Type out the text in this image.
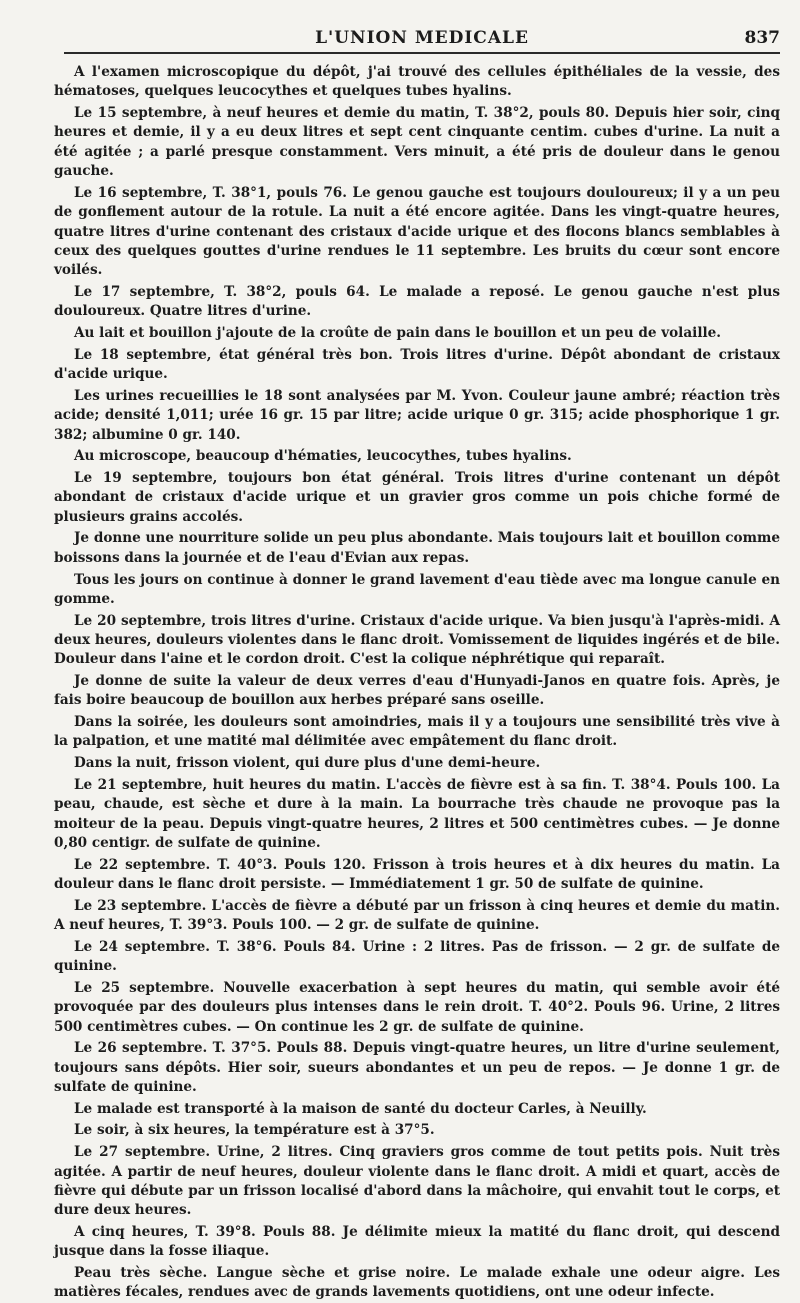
L'UNION MEDICALE	837

A l'examen microscopique du dépôt, j'ai trouvé des cellules épithéliales de la vessie, des hématoses, quelques leucocythes et quelques tubes hyalins.

Le 15 septembre, à neuf heures et demie du matin, T. 38°2, pouls 80. Depuis hier soir, cinq heures et demie, il y a eu deux litres et sept cent cinquante centim. cubes d'urine. La nuit a été agitée ; a parlé presque constamment. Vers minuit, a été pris de douleur dans le genou gauche.

Le 16 septembre, T. 38°1, pouls 76. Le genou gauche est toujours douloureux; il y a un peu de gonflement autour de la rotule. La nuit a été encore agitée. Dans les vingt-quatre heures, quatre litres d'urine contenant des cristaux d'acide urique et des flocons blancs semblables à ceux des quelques gouttes d'urine rendues le 11 septembre. Les bruits du cœur sont encore voilés.

Le 17 septembre, T. 38°2, pouls 64. Le malade a reposé. Le genou gauche n'est plus douloureux. Quatre litres d'urine.

Au lait et bouillon j'ajoute de la croûte de pain dans le bouillon et un peu de volaille.

Le 18 septembre, état général très bon. Trois litres d'urine. Dépôt abondant de cristaux d'acide urique.

Les urines recueillies le 18 sont analysées par M. Yvon. Couleur jaune ambré; réaction très acide; densité 1,011; urée 16 gr. 15 par litre; acide urique 0 gr. 315; acide phosphorique 1 gr. 382; albumine 0 gr. 140.

Au microscope, beaucoup d'hématies, leucocythes, tubes hyalins.

Le 19 septembre, toujours bon état général. Trois litres d'urine contenant un dépôt abondant de cristaux d'acide urique et un gravier gros comme un pois chiche formé de plusieurs grains accolés.

Je donne une nourriture solide un peu plus abondante. Mais toujours lait et bouillon comme boissons dans la journée et de l'eau d'Evian aux repas.

Tous les jours on continue à donner le grand lavement d'eau tiède avec ma longue canule en gomme.

Le 20 septembre, trois litres d'urine. Cristaux d'acide urique. Va bien jusqu'à l'après-midi. A deux heures, douleurs violentes dans le flanc droit. Vomissement de liquides ingérés et de bile. Douleur dans l'aine et le cordon droit. C'est la colique néphrétique qui reparaît.

Je donne de suite la valeur de deux verres d'eau d'Hunyadi-Janos en quatre fois. Après, je fais boire beaucoup de bouillon aux herbes préparé sans oseille.

Dans la soirée, les douleurs sont amoindries, mais il y a toujours une sensibilité très vive à la palpation, et une matité mal délimitée avec empâtement du flanc droit.

Dans la nuit, frisson violent, qui dure plus d'une demi-heure.

Le 21 septembre, huit heures du matin. L'accès de fièvre est à sa fin. T. 38°4. Pouls 100. La peau, chaude, est sèche et dure à la main. La bourrache très chaude ne provoque pas la moiteur de la peau. Depuis vingt-quatre heures, 2 litres et 500 centimètres cubes. — Je donne 0,80 centigr. de sulfate de quinine.

Le 22 septembre. T. 40°3. Pouls 120. Frisson à trois heures et à dix heures du matin. La douleur dans le flanc droit persiste. — Immédiatement 1 gr. 50 de sulfate de quinine.

Le 23 septembre. L'accès de fièvre a débuté par un frisson à cinq heures et demie du matin. A neuf heures, T. 39°3. Pouls 100. — 2 gr. de sulfate de quinine.

Le 24 septembre. T. 38°6. Pouls 84. Urine : 2 litres. Pas de frisson. — 2 gr. de sulfate de quinine.

Le 25 septembre. Nouvelle exacerbation à sept heures du matin, qui semble avoir été provoquée par des douleurs plus intenses dans le rein droit. T. 40°2. Pouls 96. Urine, 2 litres 500 centimètres cubes. — On continue les 2 gr. de sulfate de quinine.

Le 26 septembre. T. 37°5. Pouls 88. Depuis vingt-quatre heures, un litre d'urine seulement, toujours sans dépôts. Hier soir, sueurs abondantes et un peu de repos. — Je donne 1 gr. de sulfate de quinine.

Le malade est transporté à la maison de santé du docteur Carles, à Neuilly.

Le soir, à six heures, la température est à 37°5.

Le 27 septembre. Urine, 2 litres. Cinq graviers gros comme de tout petits pois. Nuit très agitée. A partir de neuf heures, douleur violente dans le flanc droit. A midi et quart, accès de fièvre qui débute par un frisson localisé d'abord dans la mâchoire, qui envahit tout le corps, et dure deux heures.

A cinq heures, T. 39°8. Pouls 88. Je délimite mieux la matité du flanc droit, qui descend jusque dans la fosse iliaque.

Peau très sèche. Langue sèche et grise noire. Le malade exhale une odeur aigre. Les matières fécales, rendues avec de grands lavements quotidiens, ont une odeur infecte.
